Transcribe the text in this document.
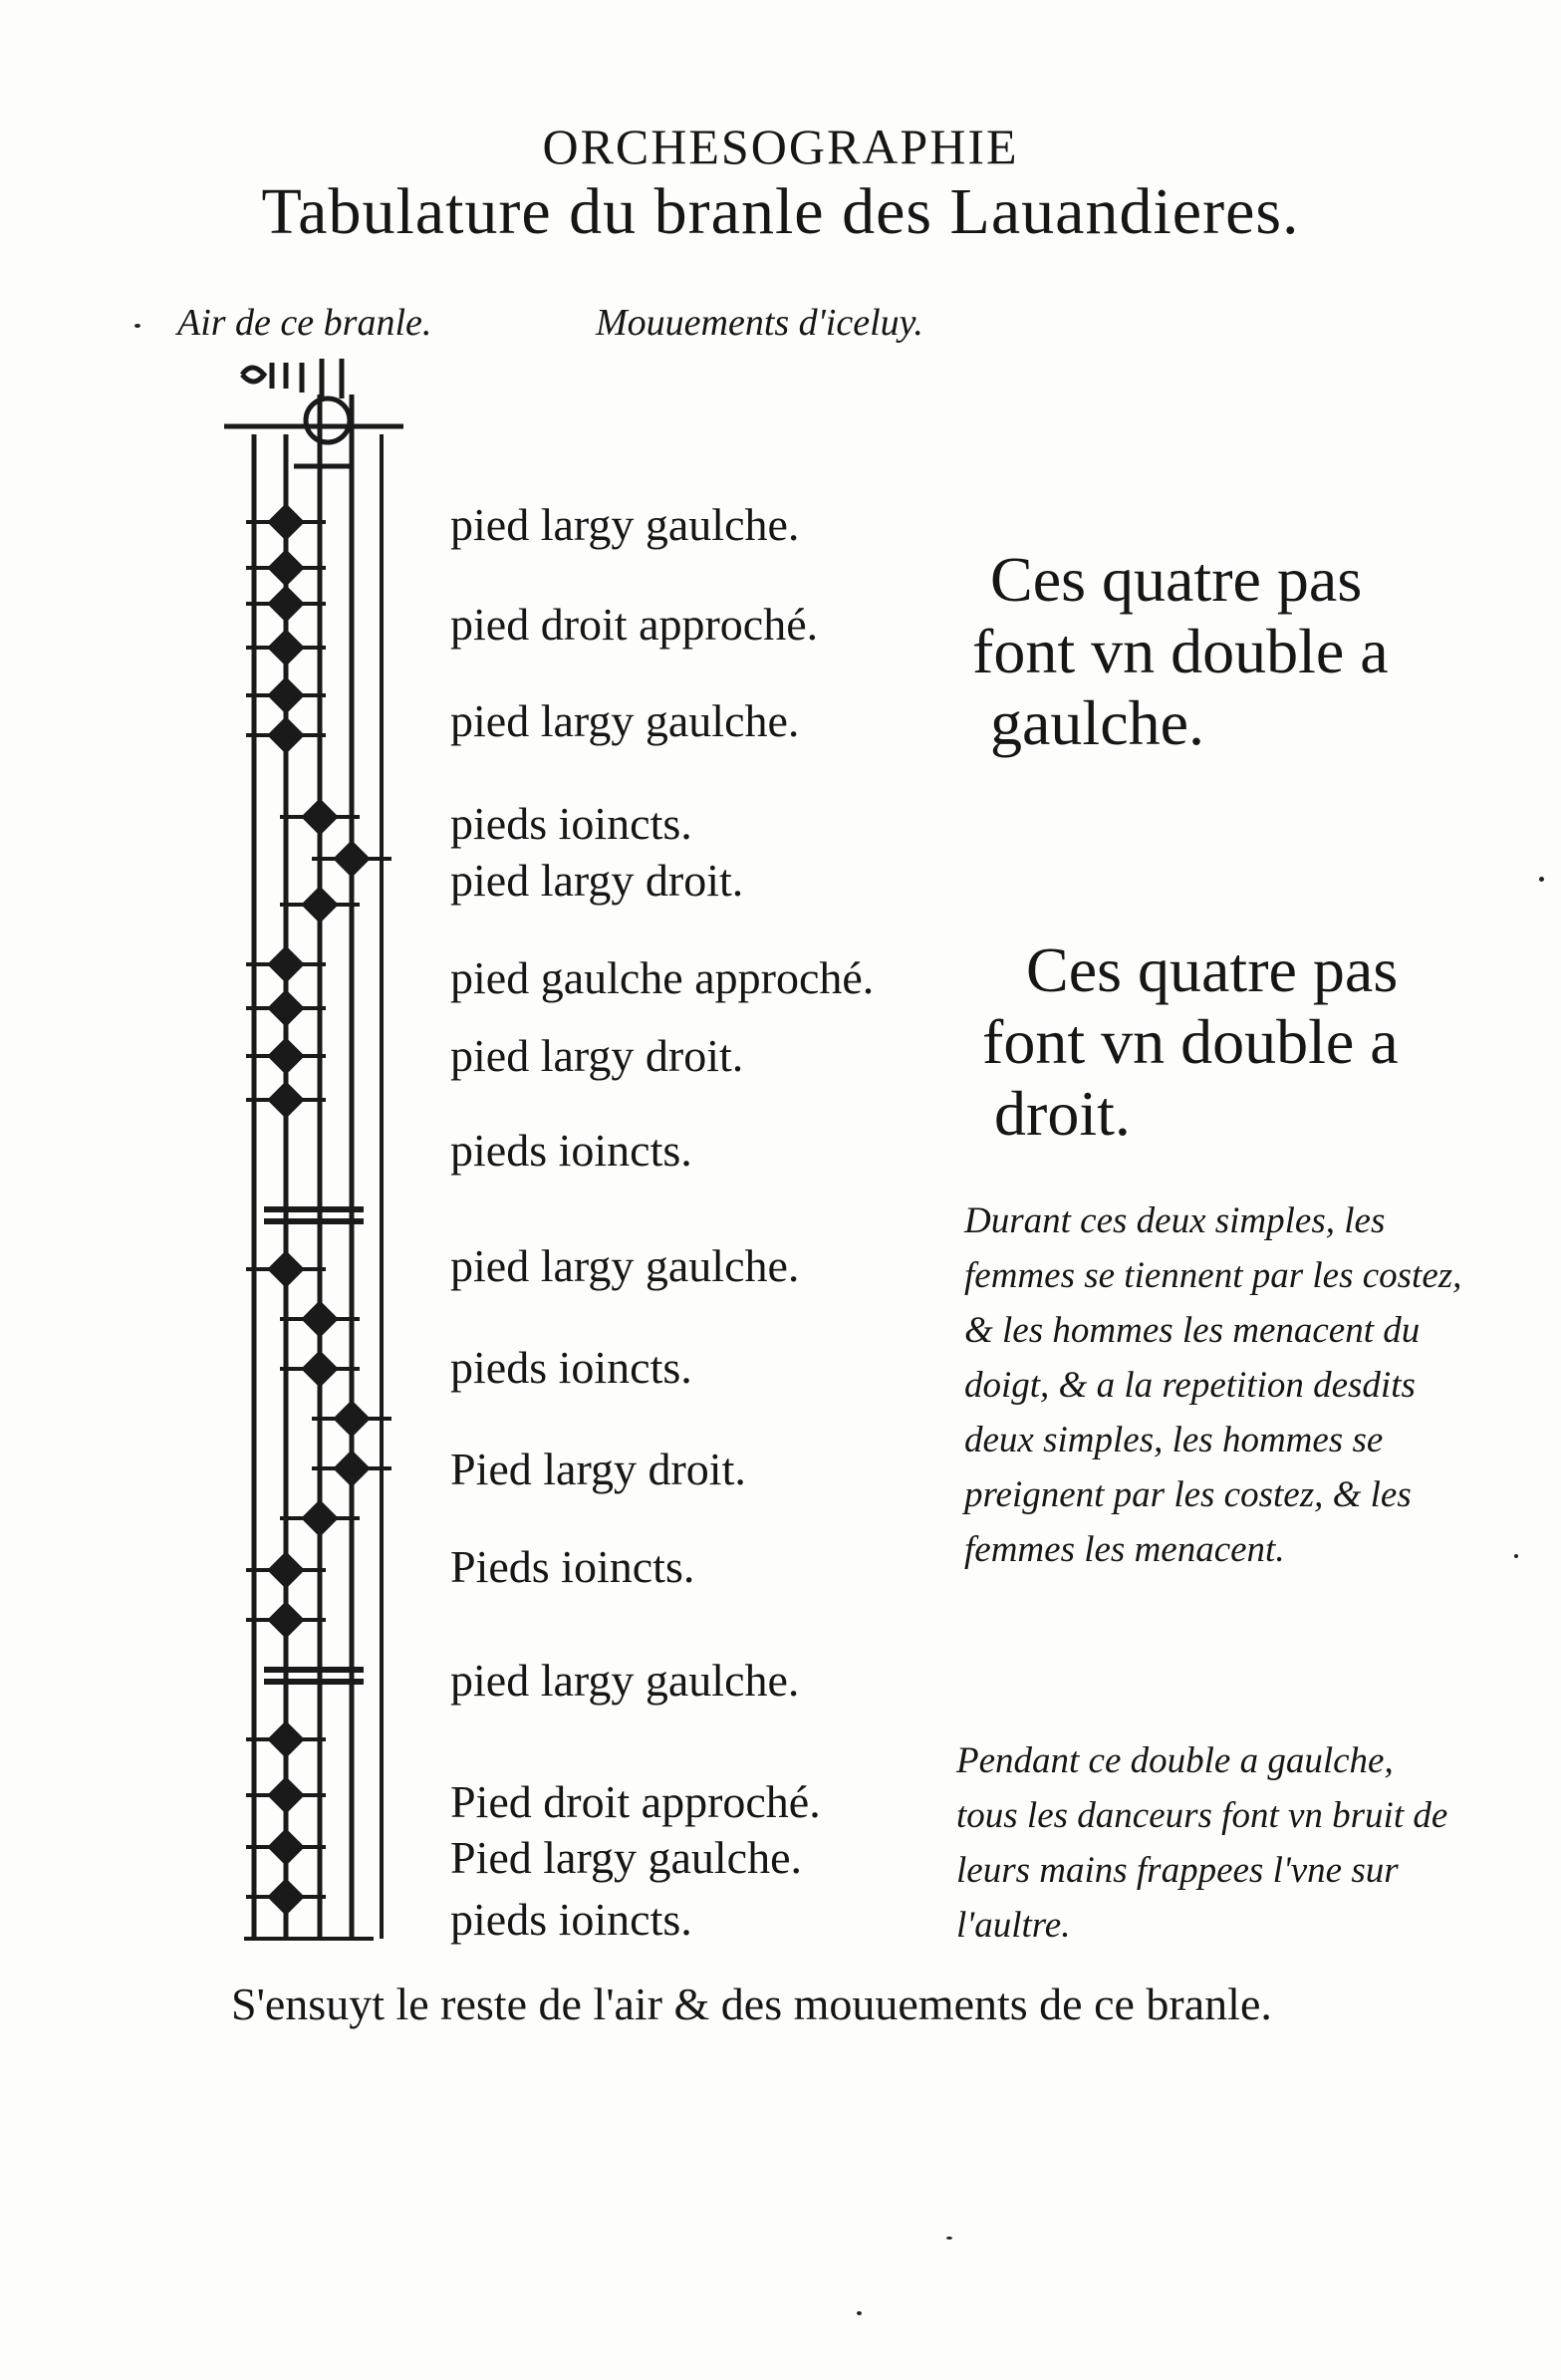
ORCHESOGRAPHIE
Tabulature du branle des Lauandieres.
Air de ce branle.	Mouuements d'iceluy.
pied largy gaulche.
pied droit approché.
pied largy gaulche.
pieds ioincts.
pied largy droit.
pied gaulche approché.
pied largy droit.
pieds ioincts.
pied largy gaulche.
pieds ioincts.
Pied largy droit.
Pieds ioincts.
pied largy gaulche.
Pied droit approché.
Pied largy gaulche.
pieds ioincts.
Ces quatre pas
font vn double a
gaulche.
Ces quatre pas
font vn double a
droit.
Durant ces deux simples, les femmes se tiennent par les costez, & les hommes les menacent du doigt, & a la repetition desdits deux simples, les hommes se preignent par les costez, & les femmes les menacent.
Pendant ce double a gaulche, tous les danceurs font vn bruit de leurs mains frappees l'vne sur l'aultre.
S'ensuyt le reste de l'air & des mouuements de ce branle.
